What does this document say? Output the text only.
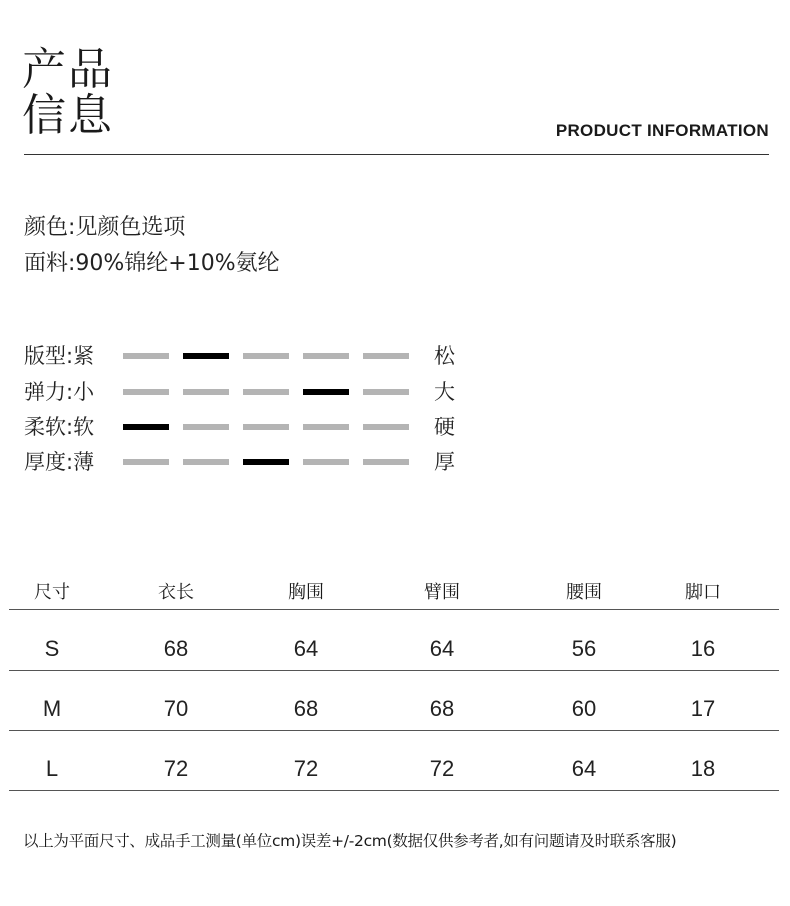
产品
信息	PRODUCT INFORMATION
颜色:见颜色选项
面料:90%锦纶+10%氨纶
版型:紧	松
弹力:小	大
柔软:软	硬
厚度:薄	厚
尺寸	衣长	胸围	臂围	腰围	脚口
S	68	64	64	56	16
M	70	68	68	60	17
L	72	72	72	64	18
以上为平面尺寸、成品手工测量(单位cm)误差+/-2cm(数据仅供参考者,如有问题请及时联系客服)
